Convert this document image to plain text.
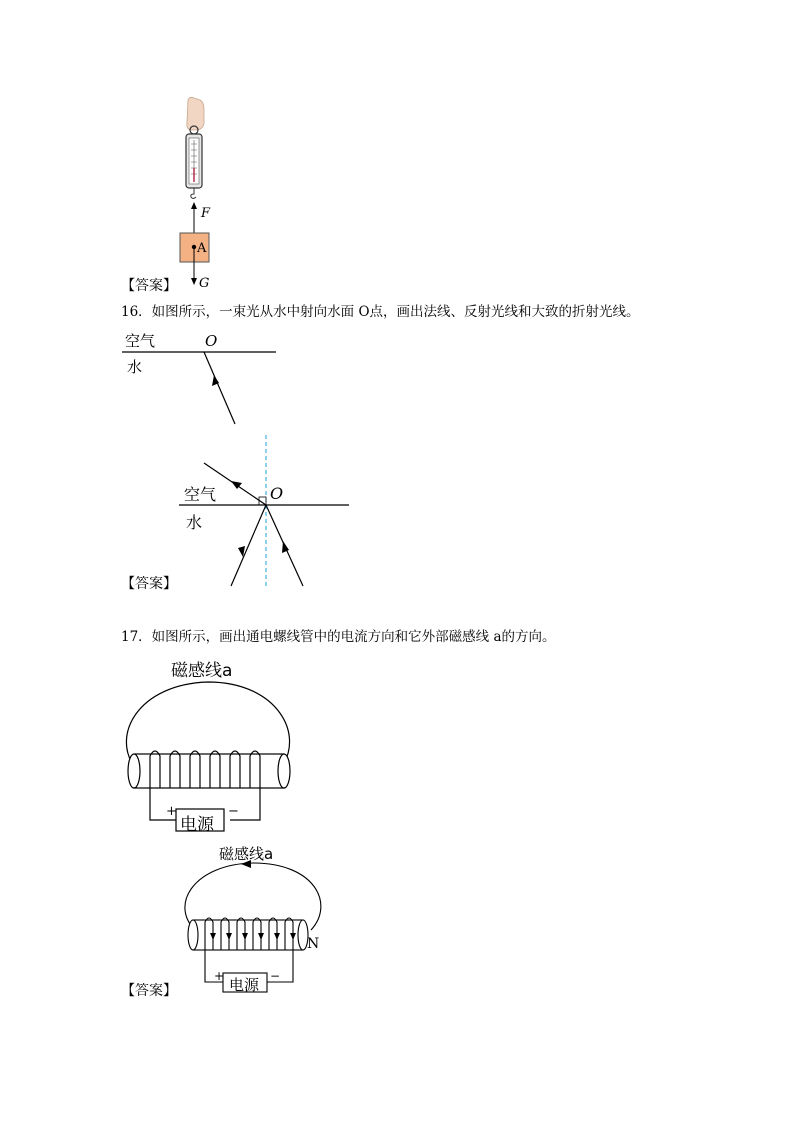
F
A
G
【答案】
16．如图所示，一束光从水中射向水面 O点，画出法线、反射光线和大致的折射光线。
空气
水
O
空气
水
O
【答案】
17．如图所示，画出通电螺线管中的电流方向和它外部磁感线 a的方向。
磁感线a
电源
+	−
磁感线a
N
电源
+	−
【答案】
